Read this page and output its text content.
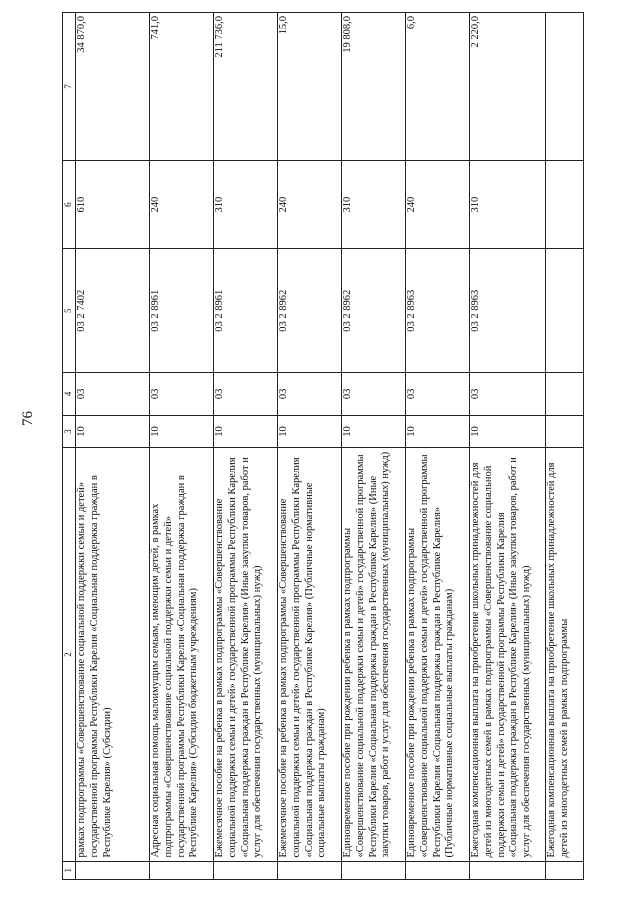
76
1	2	3	4	5	6	7
	рамках подпрограммы «Совершенствование социальной поддержки семьи и детей» государственной программы Республики Карелия «Социальная поддержка граждан в Республике Карелия» (Субсидии)	10	03	03 2 7402	610	34 870,0
	Адресная социальная помощь малоимущим семьям, имеющим детей, в рамках подпрограммы «Совершенствование социальной поддержки семьи и детей» государственной программы Республики Карелия «Социальная поддержка граждан в Республике Карелия» (Субсидии бюджетным учреждениям)	10	03	03 2 8961	240	741,0
	Ежемесячное пособие на ребенка в рамках подпрограммы «Совершенствование социальной поддержки семьи и детей» государственной программы Республики Карелия «Социальная поддержка граждан в Республике Карелия» (Иные закупки товаров, работ и услуг для обеспечения государственных (муниципальных) нужд)	10	03	03 2 8961	310	211 736,0
	Ежемесячное пособие на ребенка в рамках подпрограммы «Совершенствование социальной поддержки семьи и детей» государственной программы Республики Карелия «Социальная поддержка граждан в Республике Карелия» (Публичные нормативные социальные выплаты гражданам)	10	03	03 2 8962	240	15,0
	Единовременное пособие при рождении ребенка в рамках подпрограммы «Совершенствование социальной поддержки семьи и детей» государственной программы Республики Карелия «Социальная поддержка граждан в Республике Карелия» (Иные закупки товаров, работ и услуг для обеспечения государственных (муниципальных) нужд)	10	03	03 2 8962	310	19 808,0
	Единовременное пособие при рождении ребенка в рамках подпрограммы «Совершенствование социальной поддержки семьи и детей» государственной программы Республики Карелия «Социальная поддержка граждан в Республике Карелия» (Публичные нормативные социальные выплаты гражданам)	10	03	03 2 8963	240	6,0
	Ежегодная компенсационная выплата на приобретение школьных принадлежностей для детей из многодетных семей в рамках подпрограммы «Совершенствование социальной поддержки семьи и детей» государственной программы Республики Карелия «Социальная поддержка граждан в Республике Карелия» (Иные закупки товаров, работ и услуг для обеспечения государственных (муниципальных) нужд)	10	03	03 2 8963	310	2 220,0
	Ежегодная компенсационная выплата на приобретение школьных принадлежностей для детей из многодетных семей в рамках подпрограммы					
